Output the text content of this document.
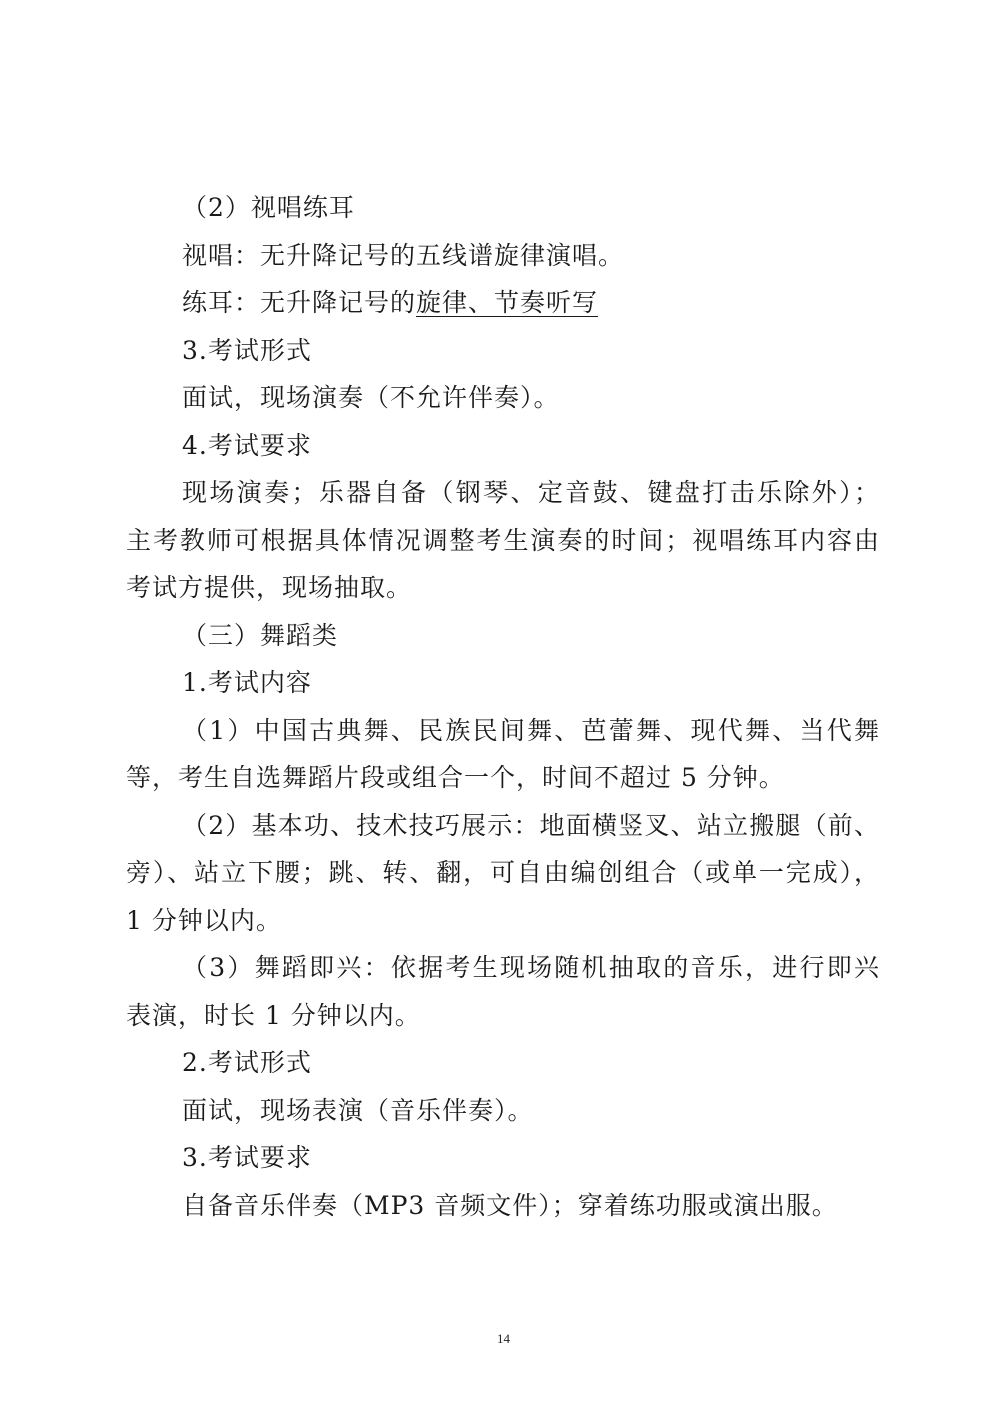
（2）视唱练耳
视唱：无升降记号的五线谱旋律演唱。
练耳：无升降记号的旋律、节奏听写
3.考试形式
面试，现场演奏（不允许伴奏）。
4.考试要求
现场演奏；乐器自备（钢琴、定音鼓、键盘打击乐除外）；
主考教师可根据具体情况调整考生演奏的时间；视唱练耳内容由
考试方提供，现场抽取。
（三）舞蹈类
1.考试内容
（1）中国古典舞、民族民间舞、芭蕾舞、现代舞、当代舞
等，考生自选舞蹈片段或组合一个，时间不超过 5 分钟。
（2）基本功、技术技巧展示：地面横竖叉、站立搬腿（前、
旁）、站立下腰；跳、转、翻，可自由编创组合（或单一完成），
1 分钟以内。
（3）舞蹈即兴：依据考生现场随机抽取的音乐，进行即兴
表演，时长 1 分钟以内。
2.考试形式
面试，现场表演（音乐伴奏）。
3.考试要求
自备音乐伴奏（MP3 音频文件）；穿着练功服或演出服。
14
